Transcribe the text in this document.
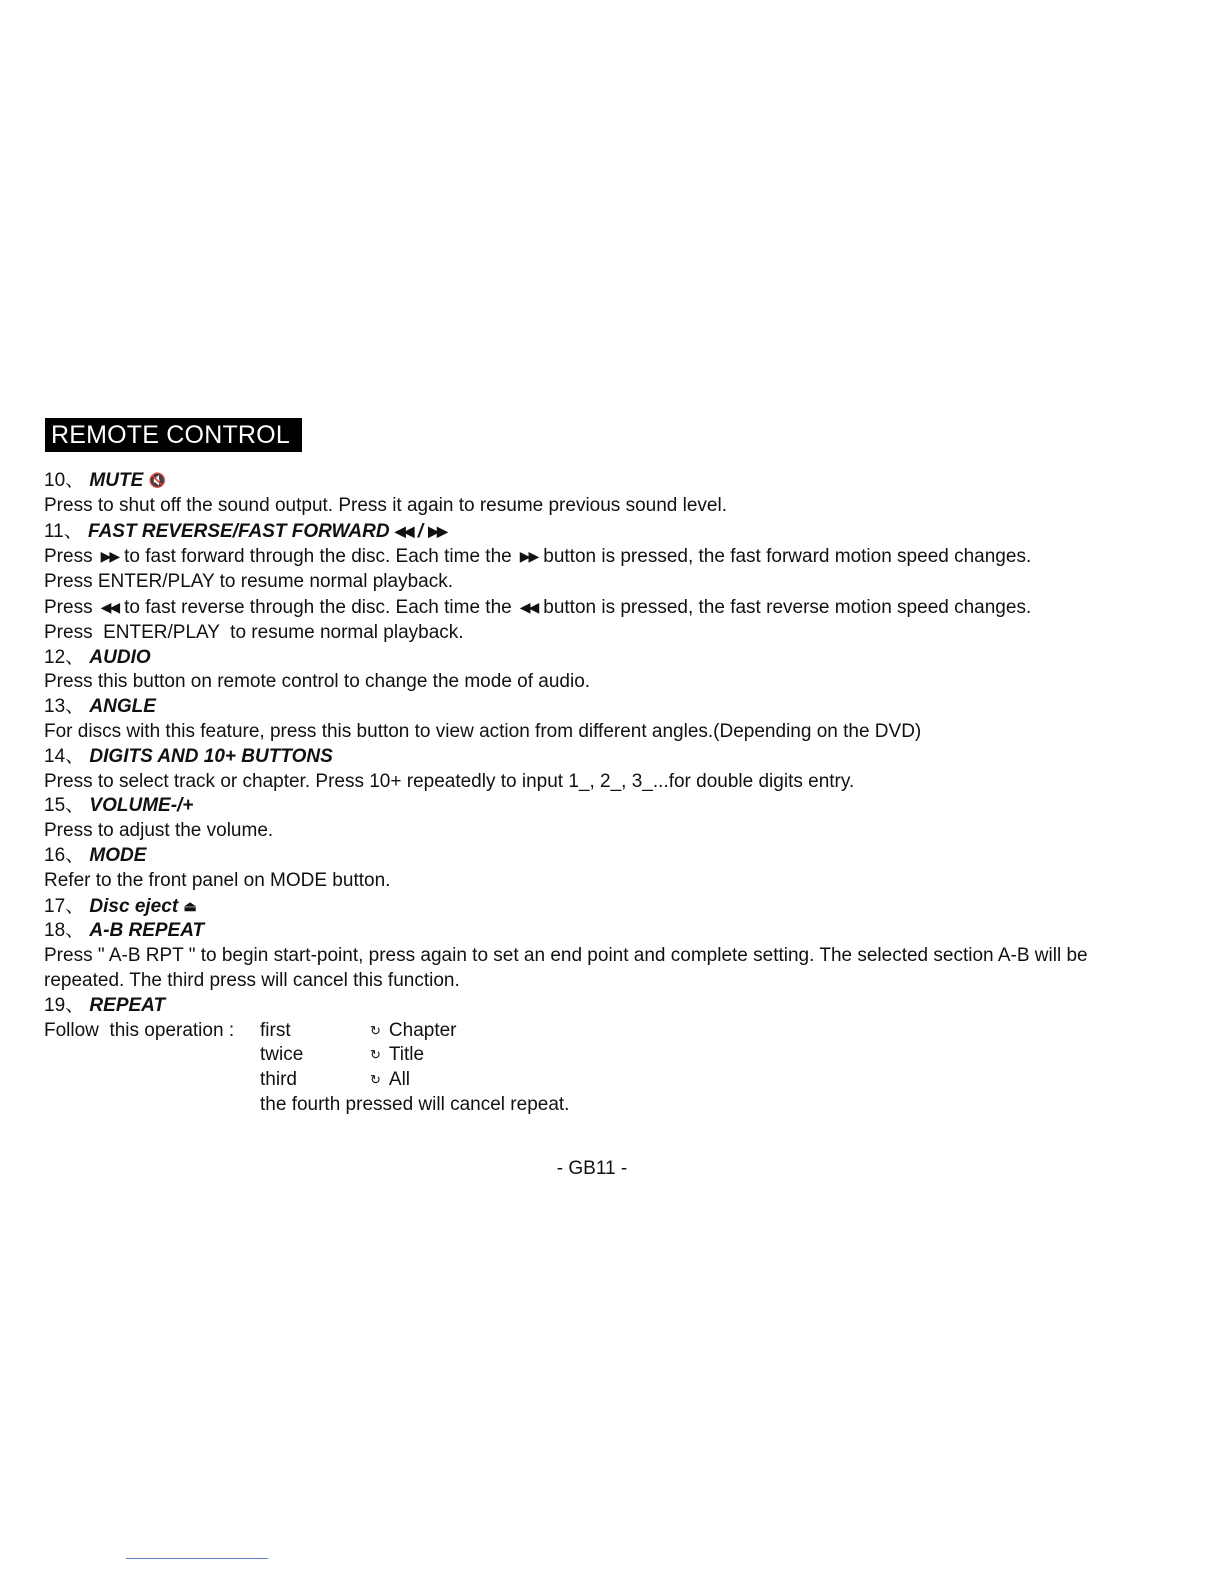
REMOTE CONTROL
10、 MUTE 🔇
Press to shut off the sound output. Press it again to resume previous sound level.
11、 FAST REVERSE/FAST FORWARD ◀◀ / ▶▶
Press ▶▶ to fast forward through the disc. Each time the ▶▶ button is pressed, the fast forward motion speed changes.
Press ENTER/PLAY to resume normal playback.
Press ◀◀ to fast reverse through the disc. Each time the ◀◀ button is pressed, the fast reverse motion speed changes.
Press  ENTER/PLAY  to resume normal playback.
12、 AUDIO
Press this button on remote control to change the mode of audio.
13、 ANGLE
For discs with this feature, press this button to view action from different angles.(Depending on the DVD)
14、 DIGITS AND 10+ BUTTONS
Press to select track or chapter. Press 10+ repeatedly to input 1_, 2_, 3_...for double digits entry.
15、 VOLUME-/+
Press to adjust the volume.
16、 MODE
Refer to the front panel on MODE button.
17、 Disc eject ⏏
18、 A-B REPEAT
Press " A-B RPT " to begin start-point, press again to set an end point and complete setting. The selected section A-B will be repeated. The third press will cancel this function.
19、 REPEAT
Follow  this operation :	first	↻ Chapter
twice	↻ Title
third	↻ All
the fourth pressed will cancel repeat.
- GB11 -
